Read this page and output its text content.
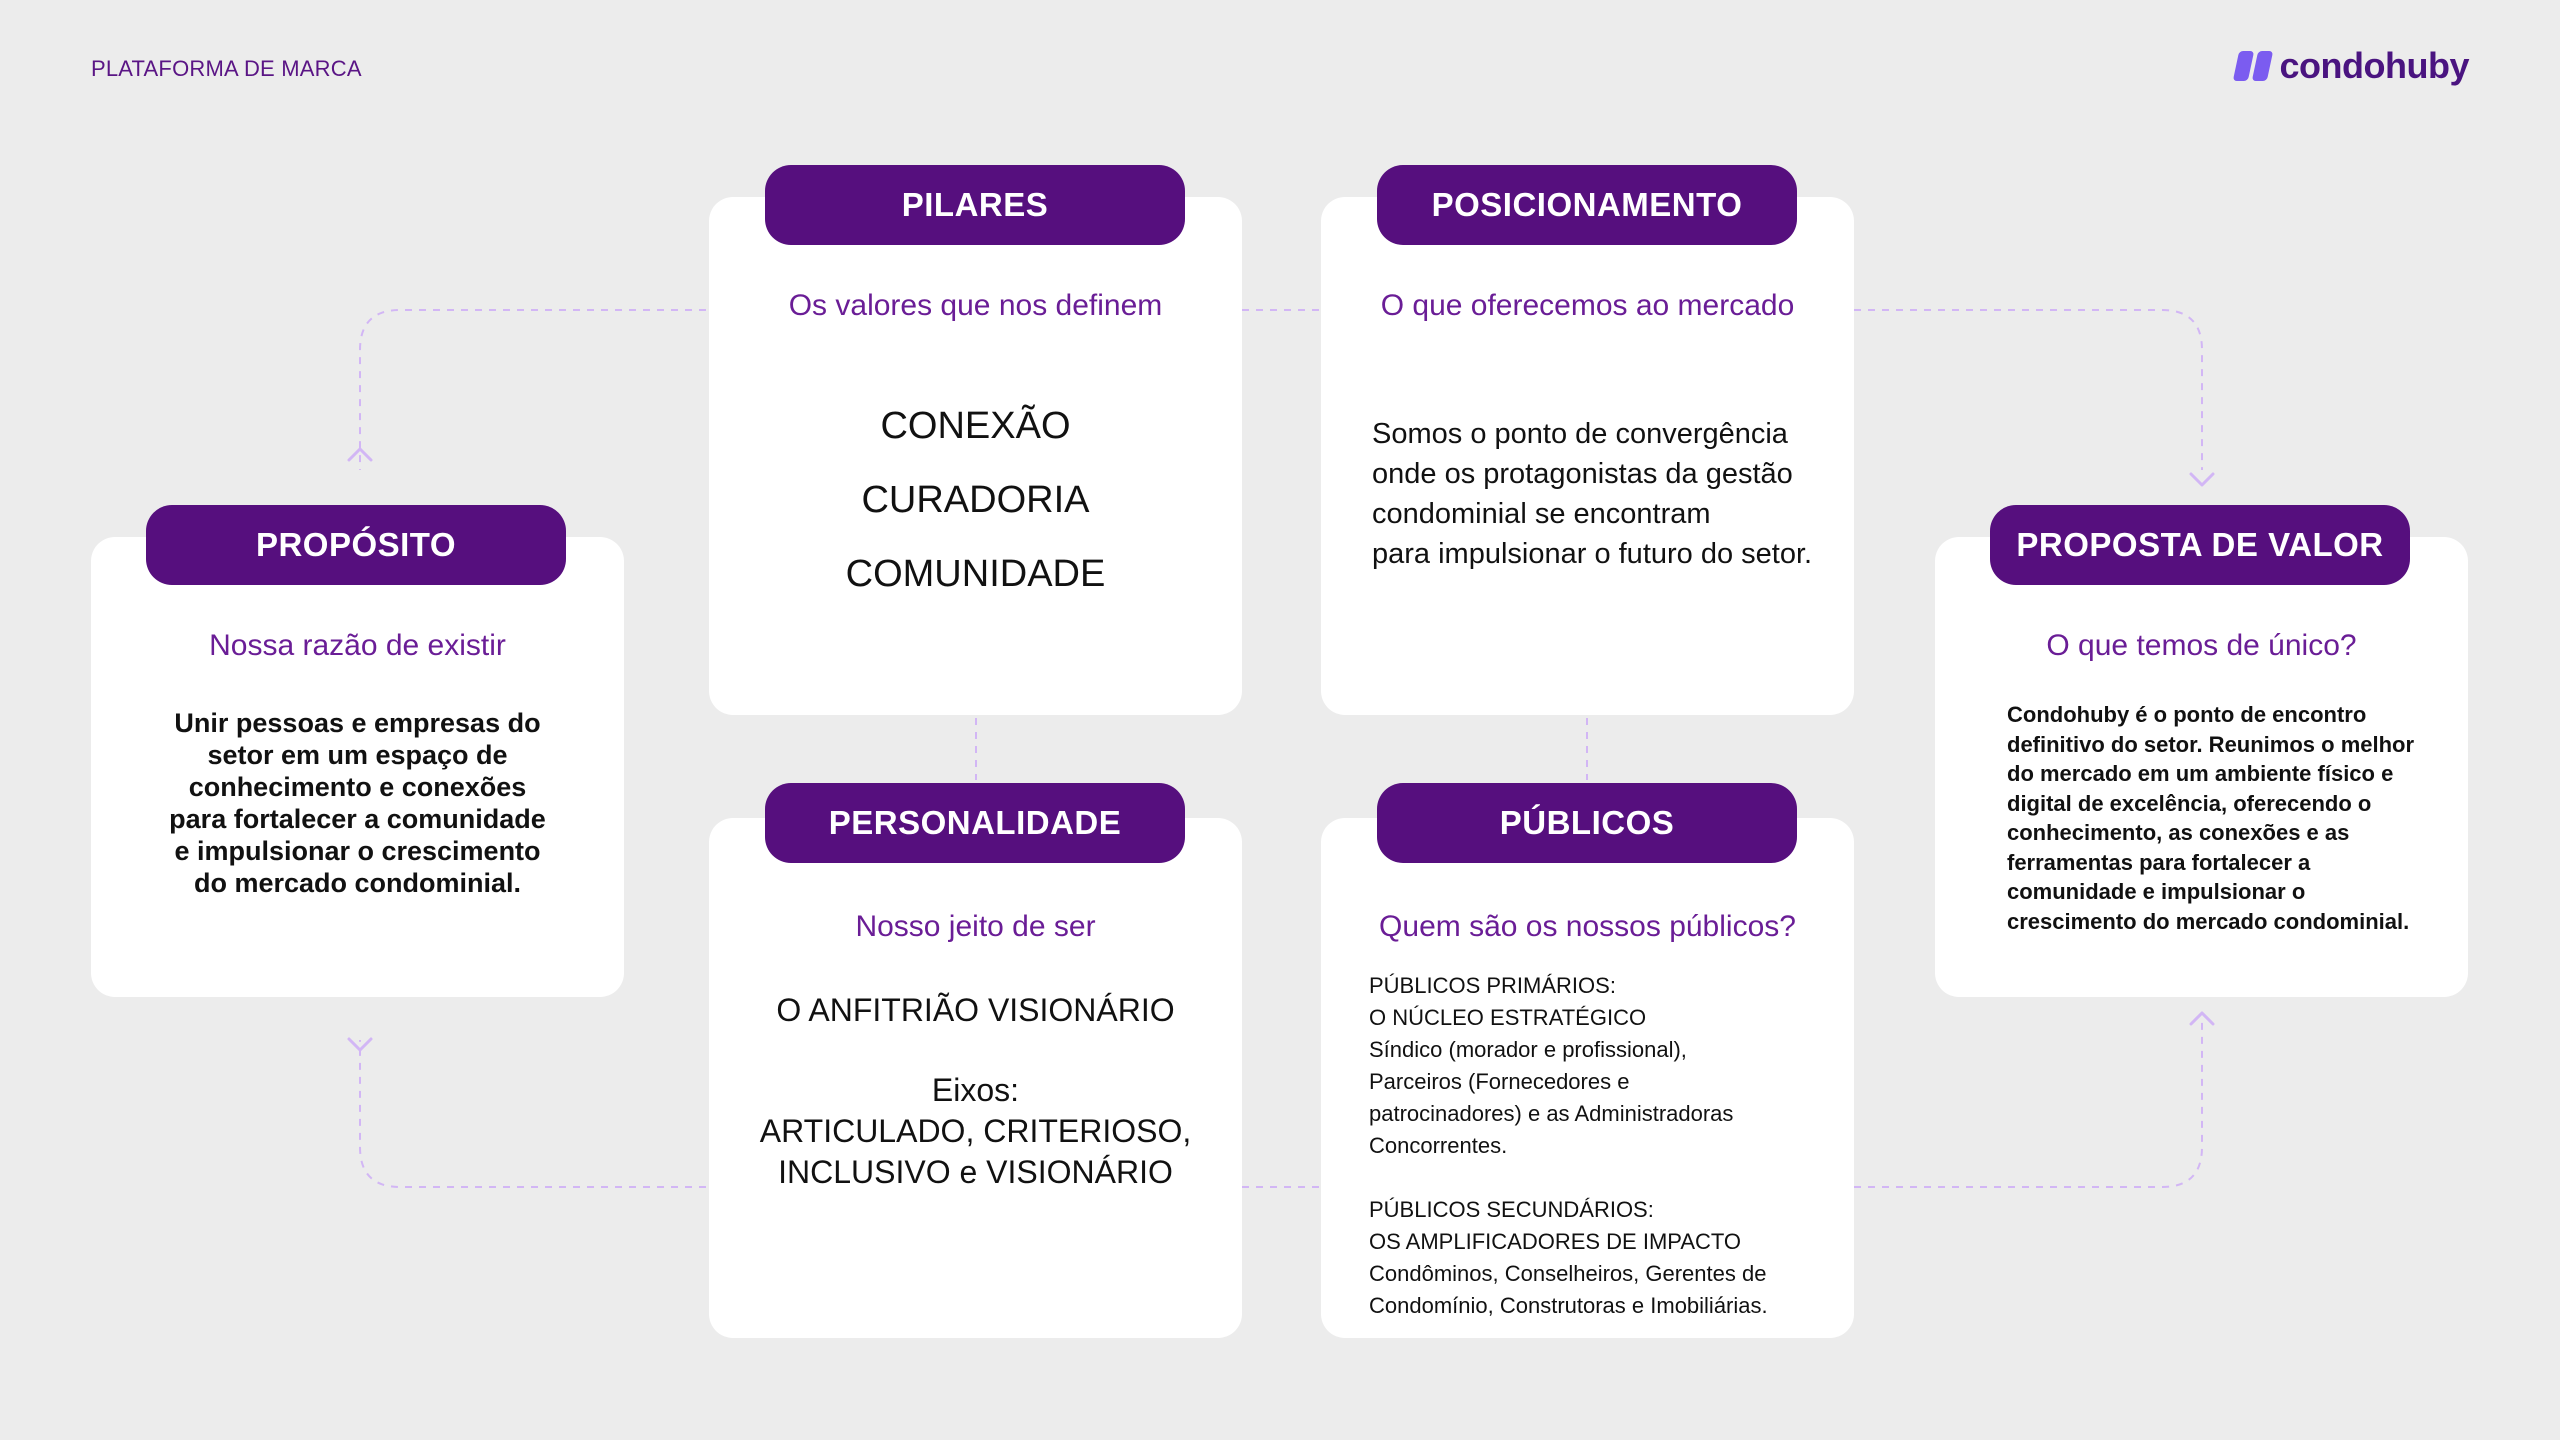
PLATAFORMA DE MARCA	condohuby
Nossa razão de existir
Unir pessoas e empresas do
setor em um espaço de
conhecimento e conexões
para fortalecer a comunidade
e impulsionar o crescimento
do mercado condominial.
PROPÓSITO
Os valores que nos definem
CONEXÃO
CURADORIA
COMUNIDADE
PILARES
O que oferecemos ao mercado
Somos o ponto de convergência
onde os protagonistas da gestão
condominial se encontram
para impulsionar o futuro do setor.
POSICIONAMENTO
O que temos de único?
Condohuby é o ponto de encontro
definitivo do setor. Reunimos o melhor
do mercado em um ambiente físico e
digital de excelência, oferecendo o
conhecimento, as conexões e as
ferramentas para fortalecer a
comunidade e impulsionar o
crescimento do mercado condominial.
PROPOSTA DE VALOR
Nosso jeito de ser
O ANFITRIÃO VISIONÁRIO
Eixos:
ARTICULADO, CRITERIOSO,
INCLUSIVO e VISIONÁRIO
PERSONALIDADE
Quem são os nossos públicos?
PÚBLICOS PRIMÁRIOS:
O NÚCLEO ESTRATÉGICO
Síndico (morador e profissional),
Parceiros (Fornecedores e
patrocinadores) e as Administradoras
Concorrentes.
PÚBLICOS SECUNDÁRIOS:
OS AMPLIFICADORES DE IMPACTO
Condôminos, Conselheiros, Gerentes de
Condomínio, Construtoras e Imobiliárias.
PÚBLICOS
